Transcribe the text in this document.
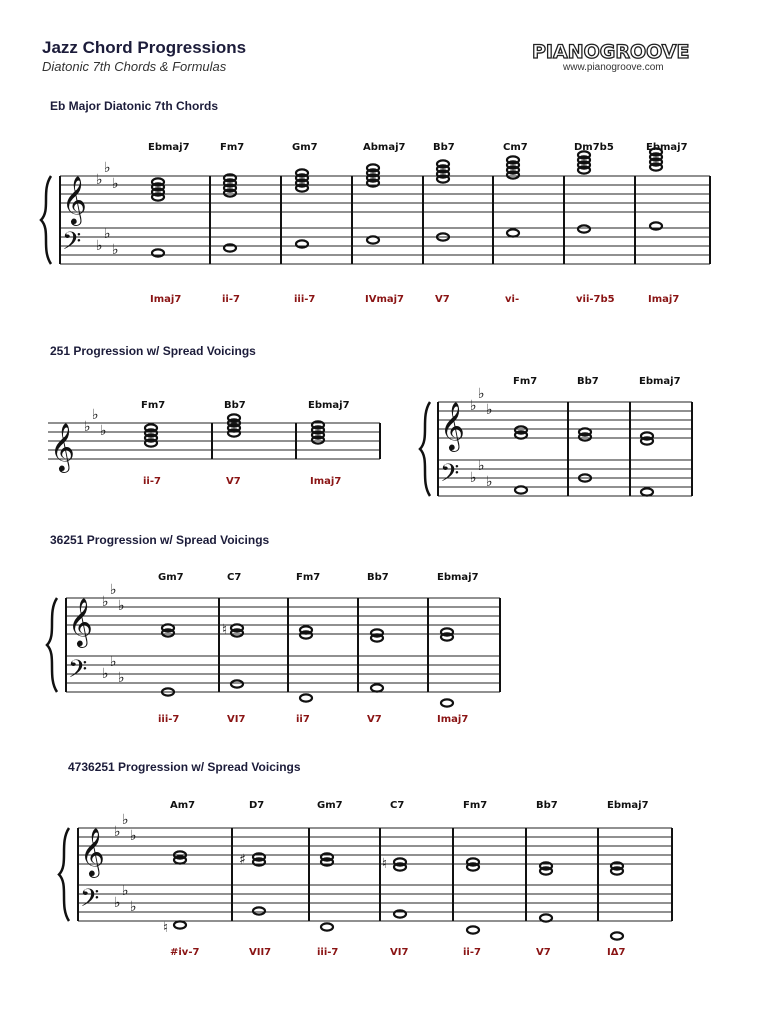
Jazz Chord Progressions
Diatonic 7th Chords & Formulas
PIANOGROOVE
www.pianogroove.com
Eb Major Diatonic 7th Chords
251 Progression w/ Spread Voicings
36251 Progression w/ Spread Voicings
4736251 Progression w/ Spread Voicings
𝄞
𝄢
♭
♭
♭
♭
♭
♭
Ebmaj7
Imaj7
Fm7
ii-7
Gm7
iii-7
Abmaj7
IVmaj7
Bb7
V7
Cm7
vi-
Dm7b5
vii-7b5
Ebmaj7
Imaj7
𝄞 ♭
♭
♭
Fm7
ii-7
Bb7
V7
Ebmaj7
Imaj7
𝄞
𝄢
♭
♭
♭
♭
♭
♭
Fm7	Bb7	Ebmaj7
𝄞
𝄢
♭
♭
♭
♭
♭
♭
Gm7
iii-7
C7
VI7
Fm7
ii7
Bb7
V7
Ebmaj7
Imaj7
♮
𝄞
𝄢
♭
♭
♭
♭
♭
♭
Am7
#iv-7
D7
VII7
Gm7
iii-7
C7
VI7
Fm7
ii-7
Bb7
V7
Ebmaj7
IΔ7
♯	♮
♮
